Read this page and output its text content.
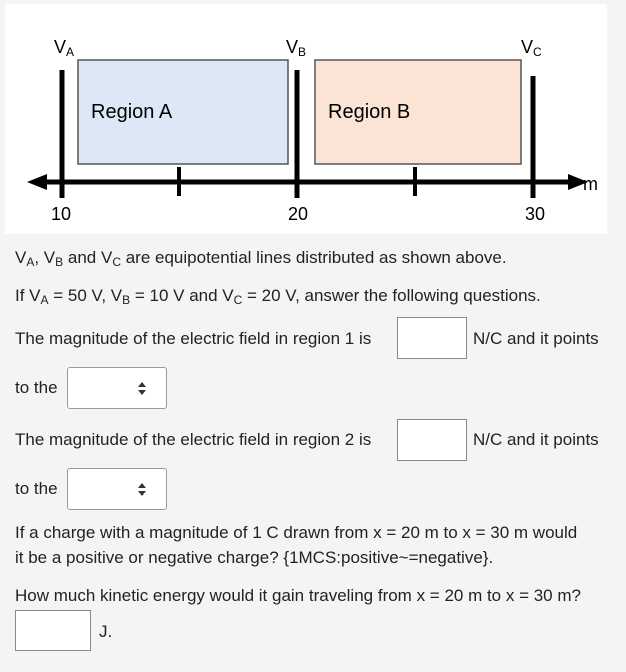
Region A	Region B
VA	VB	VC
10	20	30
m
$V_A$, $V_B$ and $V_C$ are equipotential lines distributed as shown above.
If $V_A = 50$ V, $V_B = 10$ V and $V_C = 20$ V, answer the following questions.
The magnitude of the electric field in region 1 is	N/C and it points
to the
The magnitude of the electric field in region 2 is	N/C and it points
to the
If a charge with a magnitude of 1 C drawn from x = 20 m to x = 30 m would
it be a positive or negative charge? {1MCS:positive~=negative}.
How much kinetic energy would it gain traveling from x = 20 m to x = 30 m?
J.
